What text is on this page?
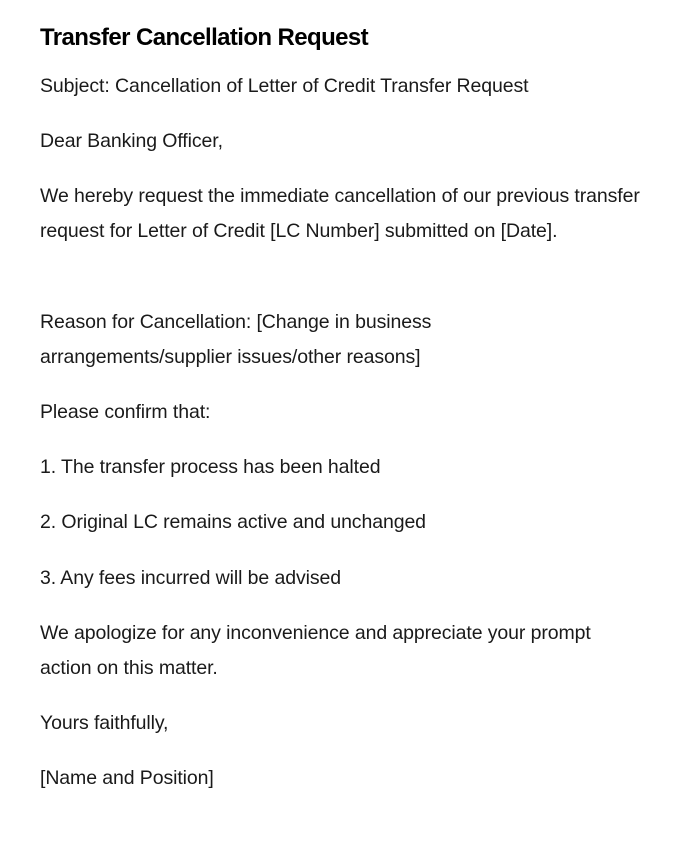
Transfer Cancellation Request

Subject: Cancellation of Letter of Credit Transfer Request

Dear Banking Officer,

We hereby request the immediate cancellation of our previous transfer request for Letter of Credit [LC Number] submitted on [Date].

Reason for Cancellation: [Change in business arrangements/supplier issues/other reasons]

Please confirm that:

1. The transfer process has been halted

2. Original LC remains active and unchanged

3. Any fees incurred will be advised

We apologize for any inconvenience and appreciate your prompt action on this matter.

Yours faithfully,

[Name and Position]
